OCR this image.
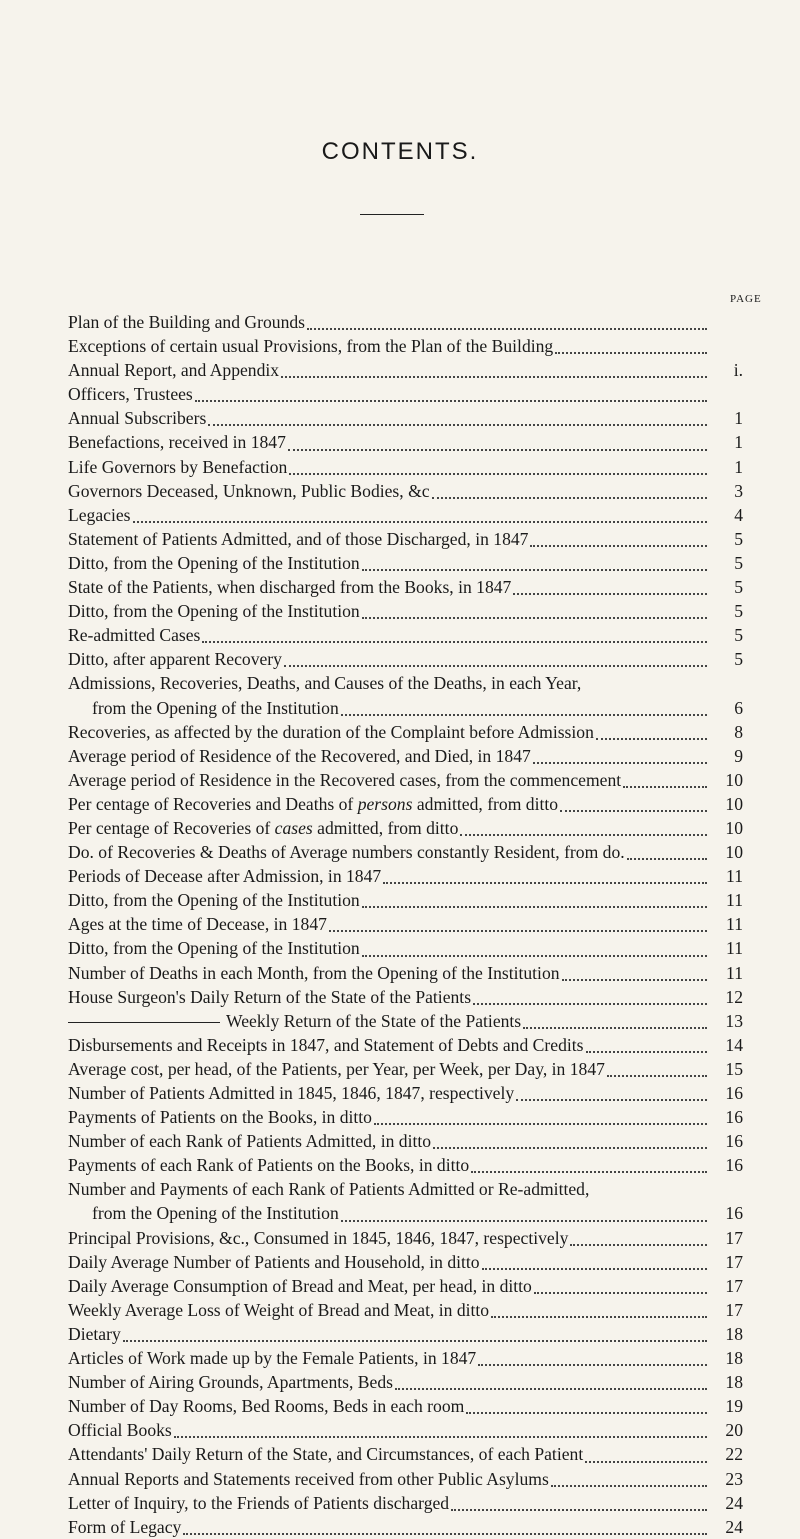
CONTENTS.
PAGE
Plan of the Building and Grounds
Exceptions of certain usual Provisions, from the Plan of the Building
Annual Report, and Appendix	i.
Officers, Trustees
Annual Subscribers	1
Benefactions, received in 1847	1
Life Governors by Benefaction	1
Governors Deceased, Unknown, Public Bodies, &c	3
Legacies	4
Statement of Patients Admitted, and of those Discharged, in 1847	5
Ditto, from the Opening of the Institution	5
State of the Patients, when discharged from the Books, in 1847	5
Ditto, from the Opening of the Institution	5
Re-admitted Cases	5
Ditto, after apparent Recovery	5
Admissions, Recoveries, Deaths, and Causes of the Deaths, in each Year,
from the Opening of the Institution	6
Recoveries, as affected by the duration of the Complaint before Admission	8
Average period of Residence of the Recovered, and Died, in 1847	9
Average period of Residence in the Recovered cases, from the commencement	10
Per centage of Recoveries and Deaths of persons admitted, from ditto	10
Per centage of Recoveries of cases admitted, from ditto	10
Do. of Recoveries & Deaths of Average numbers constantly Resident, from do.	10
Periods of Decease after Admission, in 1847	11
Ditto, from the Opening of the Institution	11
Ages at the time of Decease, in 1847	11
Ditto, from the Opening of the Institution	11
Number of Deaths in each Month, from the Opening of the Institution	11
House Surgeon's Daily Return of the State of the Patients	12
Weekly Return of the State of the Patients	13
Disbursements and Receipts in 1847, and Statement of Debts and Credits	14
Average cost, per head, of the Patients, per Year, per Week, per Day, in 1847	15
Number of Patients Admitted in 1845, 1846, 1847, respectively	16
Payments of Patients on the Books, in ditto	16
Number of each Rank of Patients Admitted, in ditto	16
Payments of each Rank of Patients on the Books, in ditto	16
Number and Payments of each Rank of Patients Admitted or Re-admitted,
from the Opening of the Institution	16
Principal Provisions, &c., Consumed in 1845, 1846, 1847, respectively	17
Daily Average Number of Patients and Household, in ditto	17
Daily Average Consumption of Bread and Meat, per head, in ditto	17
Weekly Average Loss of Weight of Bread and Meat, in ditto	17
Dietary	18
Articles of Work made up by the Female Patients, in 1847	18
Number of Airing Grounds, Apartments, Beds	18
Number of Day Rooms, Bed Rooms, Beds in each room	19
Official Books	20
Attendants' Daily Return of the State, and Circumstances, of each Patient	22
Annual Reports and Statements received from other Public Asylums	23
Letter of Inquiry, to the Friends of Patients discharged	24
Form of Legacy	24
